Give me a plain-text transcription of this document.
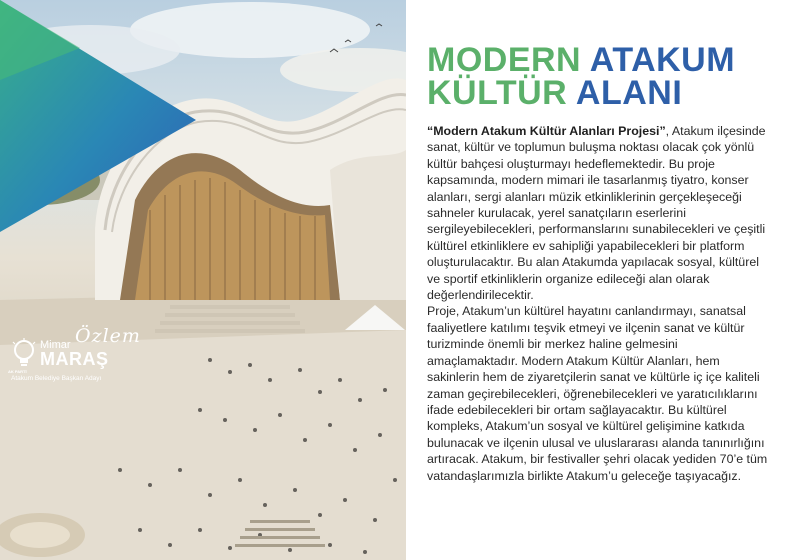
AK PARTİ
Mimar Özlem
MARAŞ
Atakum Belediye Başkan Adayı
MODERN ATAKUM
KÜLTÜR ALANI

“Modern Atakum Kültür Alanları Projesi”, Atakum ilçesinde sanat, kültür ve toplumun buluşma noktası olacak çok yönlü kültür bahçesi oluşturmayı hedeflemektedir. Bu proje kapsamında, modern mimari ile tasarlanmış tiyatro, konser alanları, sergi alanları müzik etkinliklerinin gerçekleşeceği sahneler kurulacak, yerel sanatçıların eserlerini sergileyebilecekleri, performanslarını sunabilecekleri ve çeşitli kültürel etkinliklere ev sahipliği yapabilecekleri bir platform oluşturulacaktır. Bu alan Atakumda yapılacak sosyal, kültürel ve sportif etkinliklerin organize edileceği alan olarak değerlendirilecektir.

Proje, Atakum’un kültürel hayatını canlandırmayı, sanatsal faaliyetlere katılımı teşvik etmeyi ve ilçenin sanat ve kültür turizminde önemli bir merkez haline gelmesini amaçlamaktadır. Modern Atakum Kültür Alanları, hem sakinlerin hem de ziyaretçilerin sanat ve kültürle iç içe kaliteli zaman geçirebilecekleri, öğrenebilecekleri ve yaratıcılıklarını ifade edebilecekleri bir ortam sağlayacaktır. Bu kültürel kompleks, Atakum’un sosyal ve kültürel gelişimine katkıda bulunacak ve ilçenin ulusal ve uluslararası alanda tanınırlığını artıracak. Atakum, bir festivaller şehri olacak yediden 70’e tüm vatandaşlarımızla birlikte Atakum’u geleceğe taşıyacağız.
